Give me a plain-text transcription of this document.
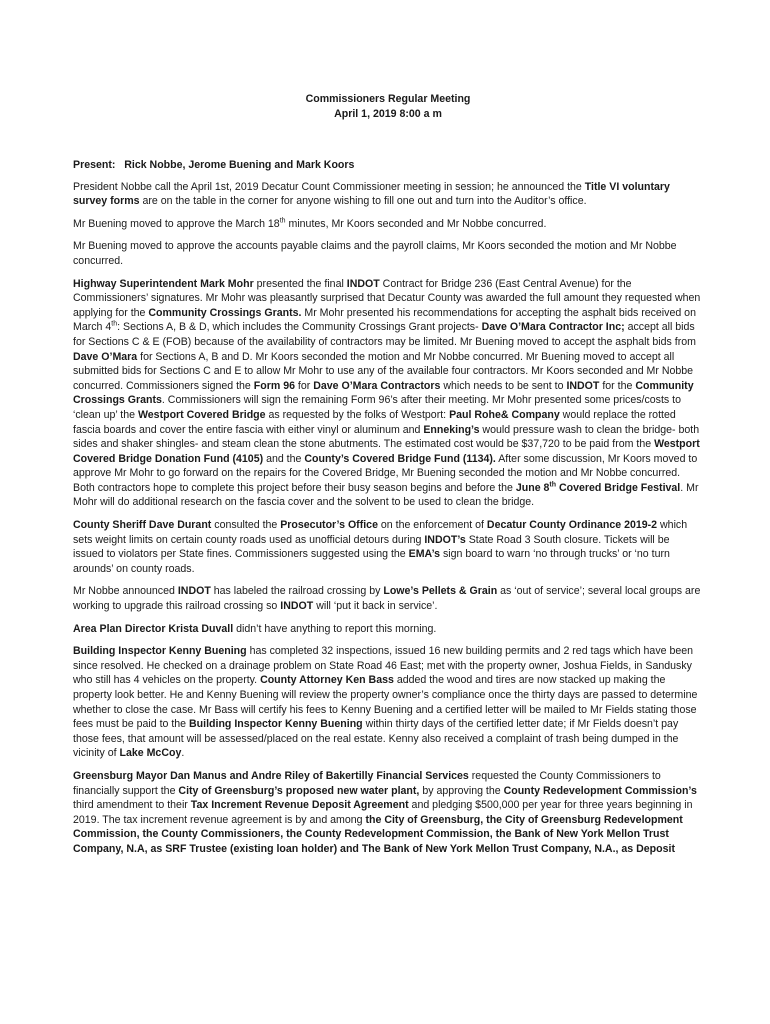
Commissioners Regular Meeting

April 1, 2019 8:00 a m

Present: Rick Nobbe, Jerome Buening and Mark Koors

President Nobbe call the April 1st, 2019 Decatur Count Commissioner meeting in session; he announced the Title VI voluntary survey forms are on the table in the corner for anyone wishing to fill one out and turn into the Auditor’s office.

Mr Buening moved to approve the March 18th minutes, Mr Koors seconded and Mr Nobbe concurred.

Mr Buening moved to approve the accounts payable claims and the payroll claims, Mr Koors seconded the motion and Mr Nobbe concurred.

Highway Superintendent Mark Mohr presented the final INDOT Contract for Bridge 236 (East Central Avenue) for the Commissioners’ signatures. Mr Mohr was pleasantly surprised that Decatur County was awarded the full amount they requested when applying for the Community Crossings Grants. Mr Mohr presented his recommendations for accepting the asphalt bids received on March 4th: Sections A, B & D, which includes the Community Crossings Grant projects- Dave O’Mara Contractor Inc; accept all bids for Sections C & E (FOB) because of the availability of contractors may be limited. Mr Buening moved to accept the asphalt bids from Dave O’Mara for Sections A, B and D. Mr Koors seconded the motion and Mr Nobbe concurred. Mr Buening moved to accept all submitted bids for Sections C and E to allow Mr Mohr to use any of the available four contractors. Mr Koors seconded and Mr Nobbe concurred. Commissioners signed the Form 96 for Dave O’Mara Contractors which needs to be sent to INDOT for the Community Crossings Grants. Commissioners will sign the remaining Form 96’s after their meeting. Mr Mohr presented some prices/costs to ‘clean up’ the Westport Covered Bridge as requested by the folks of Westport: Paul Rohe& Company would replace the rotted fascia boards and cover the entire fascia with either vinyl or aluminum and Enneking’s would pressure wash to clean the bridge- both sides and shaker shingles- and steam clean the stone abutments. The estimated cost would be $37,720 to be paid from the Westport Covered Bridge Donation Fund (4105) and the County’s Covered Bridge Fund (1134). After some discussion, Mr Koors moved to approve Mr Mohr to go forward on the repairs for the Covered Bridge, Mr Buening seconded the motion and Mr Nobbe concurred. Both contractors hope to complete this project before their busy season begins and before the June 8th Covered Bridge Festival. Mr Mohr will do additional research on the fascia cover and the solvent to be used to clean the bridge.

County Sheriff Dave Durant consulted the Prosecutor’s Office on the enforcement of Decatur County Ordinance 2019-2 which sets weight limits on certain county roads used as unofficial detours during INDOT’s State Road 3 South closure. Tickets will be issued to violators per State fines. Commissioners suggested using the EMA’s sign board to warn ‘no through trucks’ or ‘no turn arounds’ on county roads.

Mr Nobbe announced INDOT has labeled the railroad crossing by Lowe’s Pellets & Grain as ‘out of service’; several local groups are working to upgrade this railroad crossing so INDOT will ‘put it back in service’.

Area Plan Director Krista Duvall didn’t have anything to report this morning.

Building Inspector Kenny Buening has completed 32 inspections, issued 16 new building permits and 2 red tags which have been since resolved. He checked on a drainage problem on State Road 46 East; met with the property owner, Joshua Fields, in Sandusky who still has 4 vehicles on the property. County Attorney Ken Bass added the wood and tires are now stacked up making the property look better. He and Kenny Buening will review the property owner’s compliance once the thirty days are passed to determine whether to close the case. Mr Bass will certify his fees to Kenny Buening and a certified letter will be mailed to Mr Fields stating those fees must be paid to the Building Inspector Kenny Buening within thirty days of the certified letter date; if Mr Fields doesn’t pay those fees, that amount will be assessed/placed on the real estate. Kenny also received a complaint of trash being dumped in the vicinity of Lake McCoy.

Greensburg Mayor Dan Manus and Andre Riley of Bakertilly Financial Services requested the County Commissioners to financially support the City of Greensburg’s proposed new water plant, by approving the County Redevelopment Commission’s third amendment to their Tax Increment Revenue Deposit Agreement and pledging $500,000 per year for three years beginning in 2019. The tax increment revenue agreement is by and among the City of Greensburg, the City of Greensburg Redevelopment Commission, the County Commissioners, the County Redevelopment Commission, the Bank of New York Mellon Trust Company, N.A, as SRF Trustee (existing loan holder) and The Bank of New York Mellon Trust Company, N.A., as Deposit
